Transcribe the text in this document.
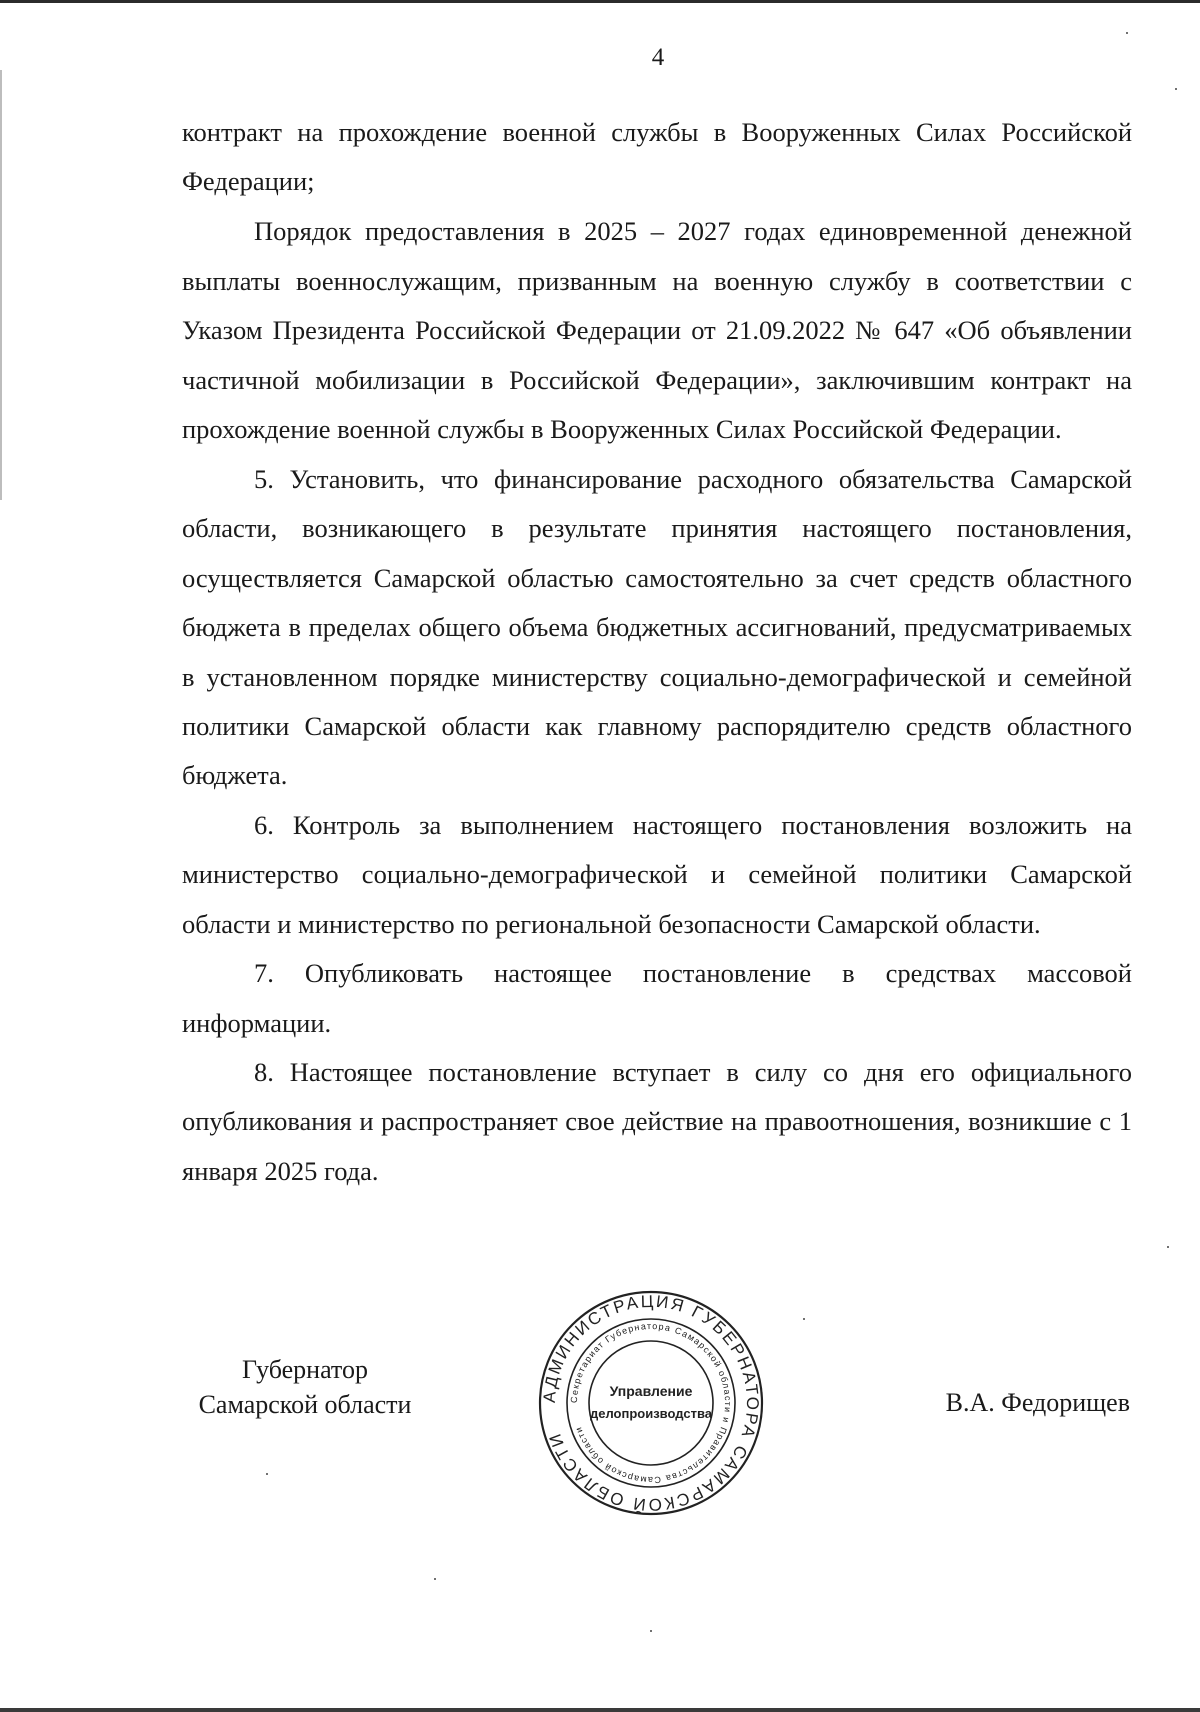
4

контракт на прохождение военной службы в Вооруженных Силах Российской Федерации;

Порядок предоставления в 2025 – 2027 годах единовременной денежной выплаты военнослужащим, призванным на военную службу в соответствии с Указом Президента Российской Федерации от 21.09.2022 № 647 «Об объявлении частичной мобилизации в Российской Федерации», заключившим контракт на прохождение военной службы в Вооруженных Силах Российской Федерации.

5. Установить, что финансирование расходного обязательства Самарской области, возникающего в результате принятия настоящего постановления, осуществляется Самарской областью самостоятельно за счет средств областного бюджета в пределах общего объема бюджетных ассигнований, предусматриваемых в установленном порядке министерству социально-демографической и семейной политики Самарской области как главному распорядителю средств областного бюджета.

6. Контроль за выполнением настоящего постановления возложить на министерство социально-демографической и семейной политики Самарской области и министерство по региональной безопасности Самарской области.

7. Опубликовать настоящее постановление в средствах массовой информации.

8. Настоящее постановление вступает в силу со дня его официального опубликования и распространяет свое действие на правоотношения, возникшие с 1 января 2025 года.

Губернатор
Самарской области	АДМИНИСТРАЦИЯ ГУБЕРНАТОРА САМАРСКОЙ ОБЛАСТИ
Секретариат Губернатора Самарской области и Правительства Самарской области
Управление
делопроизводства	В.А. Федорищев
